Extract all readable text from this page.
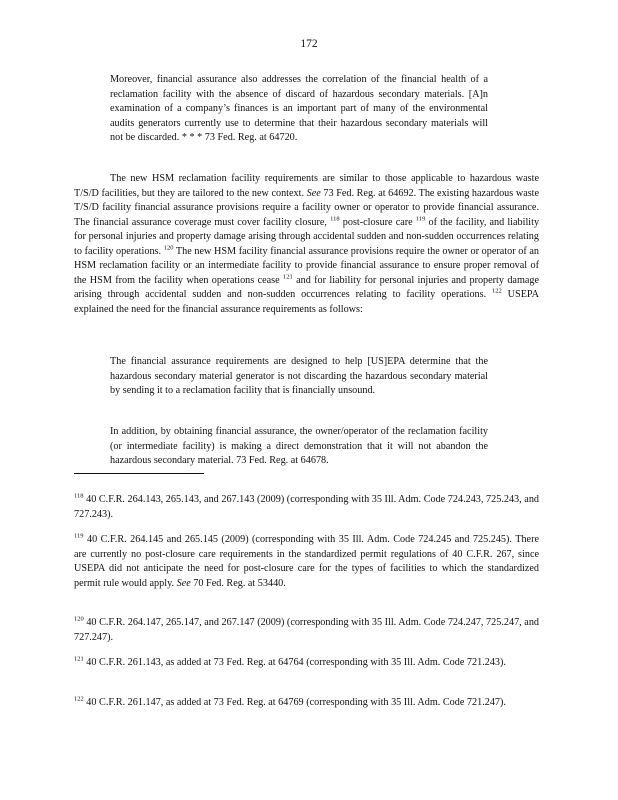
172
Moreover, financial assurance also addresses the correlation of the financial health of a reclamation facility with the absence of discard of hazardous secondary materials. [A]n examination of a company’s finances is an important part of many of the environmental audits generators currently use to determine that their hazardous secondary materials will not be discarded. * * * 73 Fed. Reg. at 64720.
The new HSM reclamation facility requirements are similar to those applicable to hazardous waste T/S/D facilities, but they are tailored to the new context. See 73 Fed. Reg. at 64692. The existing hazardous waste T/S/D facility financial assurance provisions require a facility owner or operator to provide financial assurance. The financial assurance coverage must cover facility closure, $^{118}$ post-closure care $^{119}$ of the facility, and liability for personal injuries and property damage arising through accidental sudden and non-sudden occurrences relating to facility operations. $^{120}$ The new HSM facility financial assurance provisions require the owner or operator of an HSM reclamation facility or an intermediate facility to provide financial assurance to ensure proper removal of the HSM from the facility when operations cease $^{121}$ and for liability for personal injuries and property damage arising through accidental sudden and non-sudden occurrences relating to facility operations. $^{122}$ USEPA explained the need for the financial assurance requirements as follows:
The financial assurance requirements are designed to help [US]EPA determine that the hazardous secondary material generator is not discarding the hazardous secondary material by sending it to a reclamation facility that is financially unsound.
In addition, by obtaining financial assurance, the owner/operator of the reclamation facility (or intermediate facility) is making a direct demonstration that it will not abandon the hazardous secondary material. 73 Fed. Reg. at 64678.
$^{118}$ 40 C.F.R. 264.143, 265.143, and 267.143 (2009) (corresponding with 35 Ill. Adm. Code 724.243, 725.243, and 727.243).
$^{119}$ 40 C.F.R. 264.145 and 265.145 (2009) (corresponding with 35 Ill. Adm. Code 724.245 and 725.245). There are currently no post-closure care requirements in the standardized permit regulations of 40 C.F.R. 267, since USEPA did not anticipate the need for post-closure care for the types of facilities to which the standardized permit rule would apply. See 70 Fed. Reg. at 53440.
$^{120}$ 40 C.F.R. 264.147, 265.147, and 267.147 (2009) (corresponding with 35 Ill. Adm. Code 724.247, 725.247, and 727.247).
$^{121}$ 40 C.F.R. 261.143, as added at 73 Fed. Reg. at 64764 (corresponding with 35 Ill. Adm. Code 721.243).
$^{122}$ 40 C.F.R. 261.147, as added at 73 Fed. Reg. at 64769 (corresponding with 35 Ill. Adm. Code 721.247).
